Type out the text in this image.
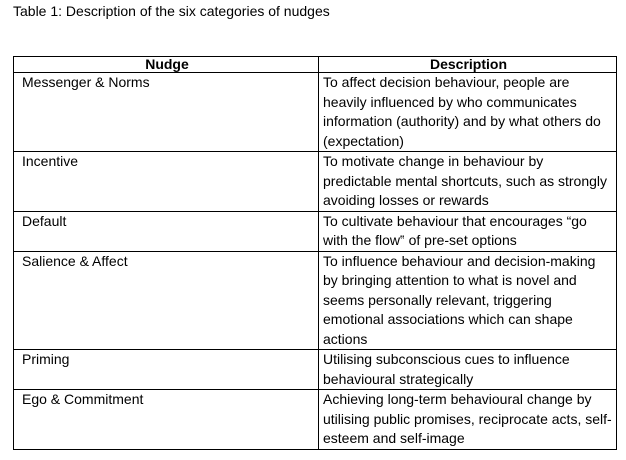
Table 1: Description of the six categories of nudges
Nudge	Description
Messenger & Norms	To affect decision behaviour, people are heavily influenced by who communicates information (authority) and by what others do (expectation)
Incentive	To motivate change in behaviour by predictable mental shortcuts, such as strongly avoiding losses or rewards
Default	To cultivate behaviour that encourages “go with the flow‟ of pre-set options
Salience & Affect	To influence behaviour and decision-making by bringing attention to what is novel and seems personally relevant, triggering emotional associations which can shape actions
Priming	Utilising subconscious cues to influence behavioural strategically
Ego & Commitment	Achieving long-term behavioural change by utilising public promises, reciprocate acts, self- esteem and self-image
